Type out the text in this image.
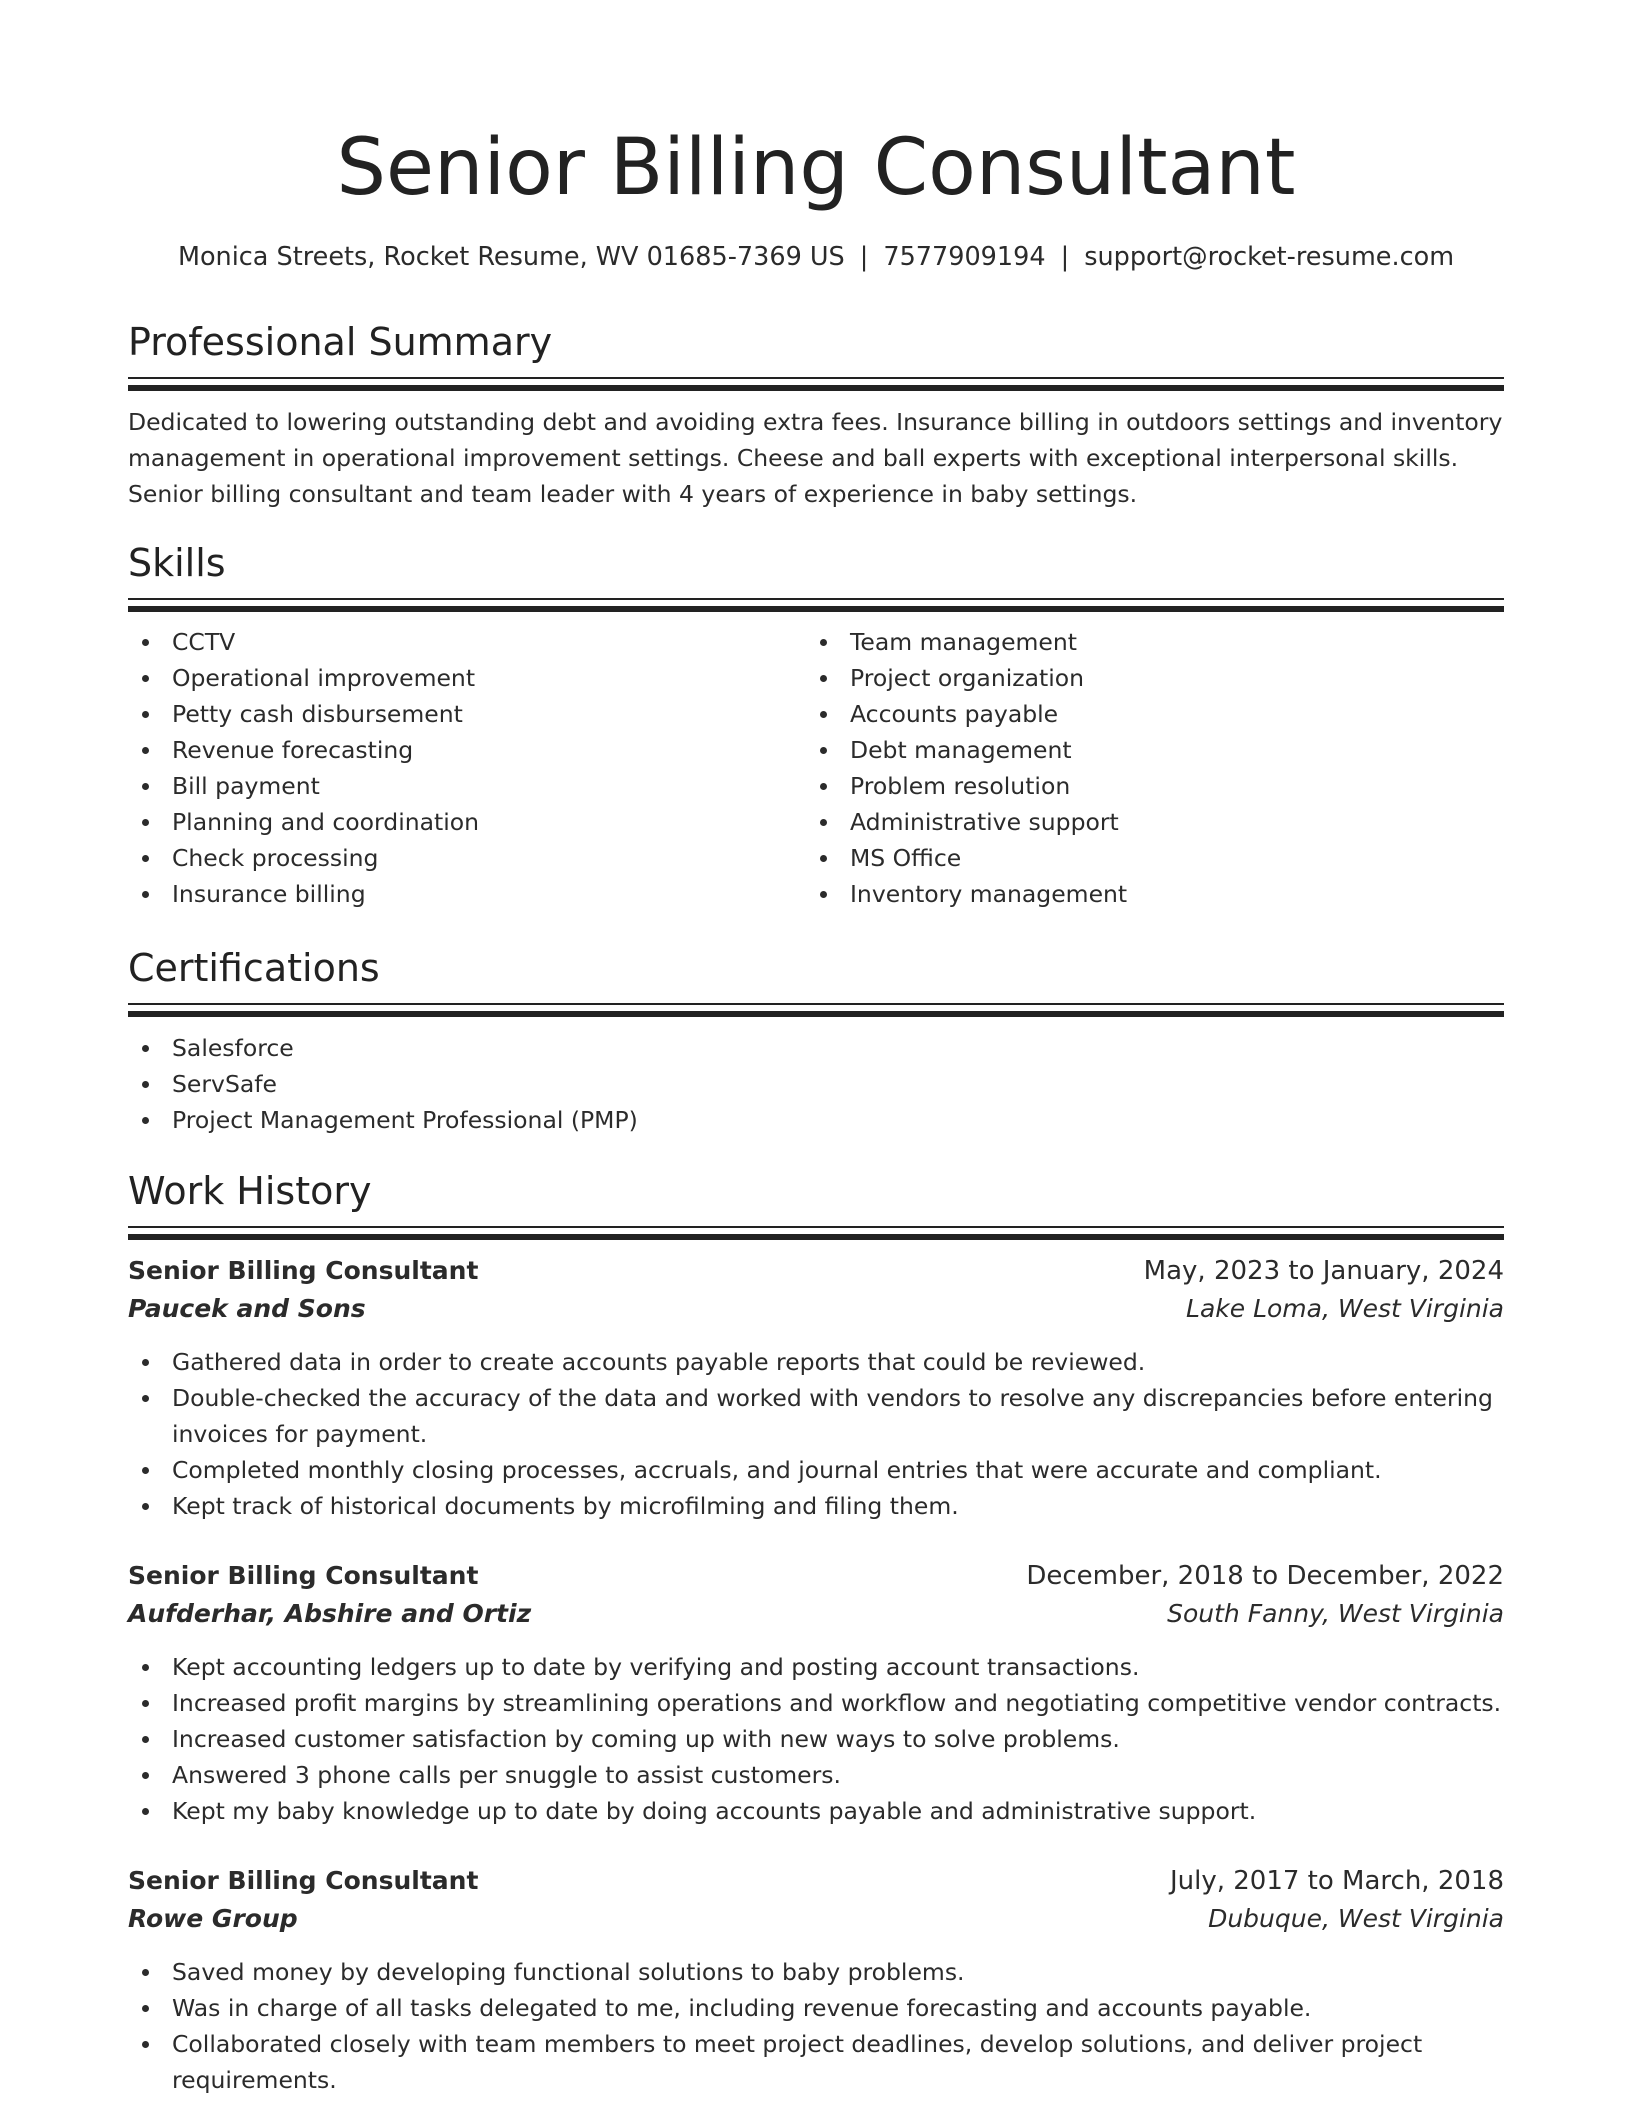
Senior Billing Consultant
Monica Streets, Rocket Resume, WV 01685-7369 US | 7577909194 | support@rocket-resume.com
Professional Summary
Dedicated to lowering outstanding debt and avoiding extra fees. Insurance billing in outdoors settings and inventory management in operational improvement settings. Cheese and ball experts with exceptional interpersonal skills. Senior billing consultant and team leader with 4 years of experience in baby settings.
Skills
CCTV
Operational improvement
Petty cash disbursement
Revenue forecasting
Bill payment
Planning and coordination
Check processing
Insurance billing
Team management
Project organization
Accounts payable
Debt management
Problem resolution
Administrative support
MS Office
Inventory management
Certifications
Salesforce
ServSafe
Project Management Professional (PMP)
Work History
Senior Billing Consultant	May, 2023 to January, 2024
Paucek and Sons	Lake Loma, West Virginia
Gathered data in order to create accounts payable reports that could be reviewed.
Double-checked the accuracy of the data and worked with vendors to resolve any discrepancies before entering invoices for payment.
Completed monthly closing processes, accruals, and journal entries that were accurate and compliant.
Kept track of historical documents by microfilming and filing them.
Senior Billing Consultant	December, 2018 to December, 2022
Aufderhar, Abshire and Ortiz	South Fanny, West Virginia
Kept accounting ledgers up to date by verifying and posting account transactions.
Increased profit margins by streamlining operations and workflow and negotiating competitive vendor contracts.
Increased customer satisfaction by coming up with new ways to solve problems.
Answered 3 phone calls per snuggle to assist customers.
Kept my baby knowledge up to date by doing accounts payable and administrative support.
Senior Billing Consultant	July, 2017 to March, 2018
Rowe Group	Dubuque, West Virginia
Saved money by developing functional solutions to baby problems.
Was in charge of all tasks delegated to me, including revenue forecasting and accounts payable.
Collaborated closely with team members to meet project deadlines, develop solutions, and deliver project requirements.
